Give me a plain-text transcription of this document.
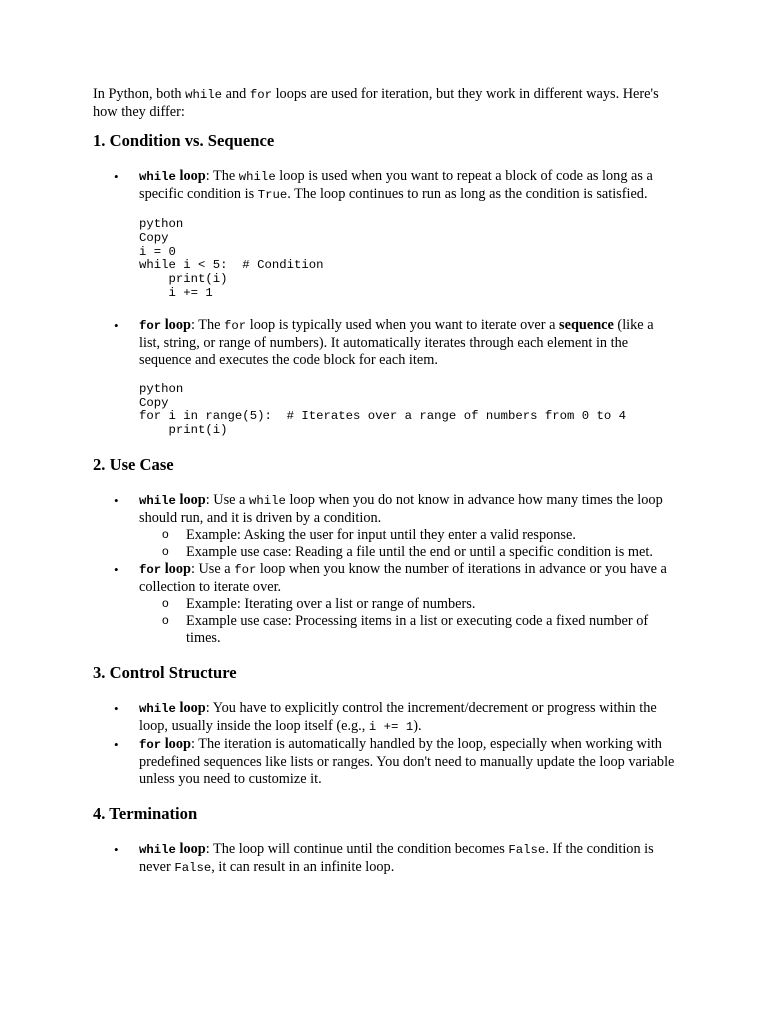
In Python, both while and for loops are used for iteration, but they work in different ways. Here's how they differ:

1. Condition vs. Sequence
• while loop: The while loop is used when you want to repeat a block of code as long as a specific condition is True. The loop continues to run as long as the condition is satisfied.
python
Copy
i = 0
while i < 5:  # Condition
print(i)
i += 1
• for loop: The for loop is typically used when you want to iterate over a sequence (like a list, string, or range of numbers). It automatically iterates through each element in the sequence and executes the code block for each item.
python
Copy
for i in range(5):  # Iterates over a range of numbers from 0 to 4
print(i)
2. Use Case
• while loop: Use a while loop when you do not know in advance how many times the loop should run, and it is driven by a condition.
o Example: Asking the user for input until they enter a valid response.
o Example use case: Reading a file until the end or until a specific condition is met.
• for loop: Use a for loop when you know the number of iterations in advance or you have a collection to iterate over.
o Example: Iterating over a list or range of numbers.
o Example use case: Processing items in a list or executing code a fixed number of times.
3. Control Structure
• while loop: You have to explicitly control the increment/decrement or progress within the loop, usually inside the loop itself (e.g., i += 1).
• for loop: The iteration is automatically handled by the loop, especially when working with predefined sequences like lists or ranges. You don't need to manually update the loop variable unless you need to customize it.
4. Termination
• while loop: The loop will continue until the condition becomes False. If the condition is never False, it can result in an infinite loop.
